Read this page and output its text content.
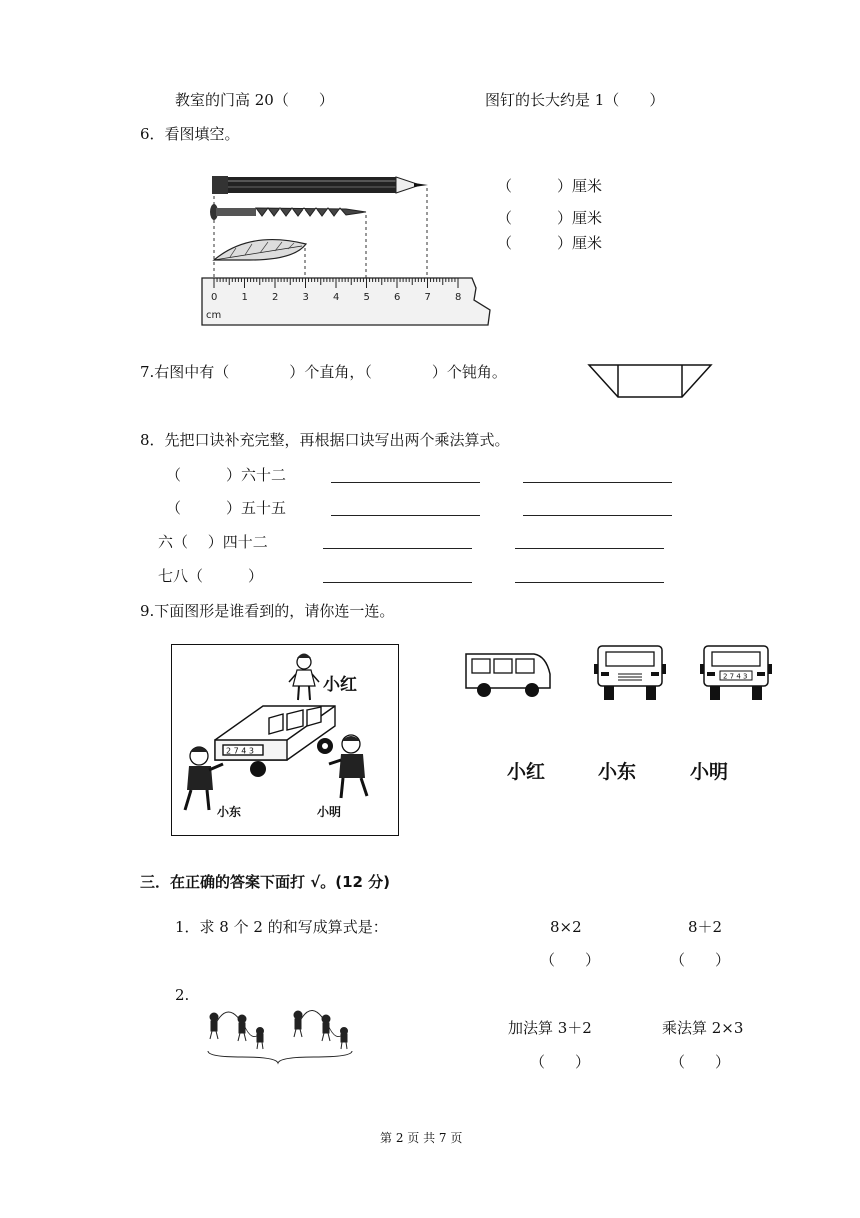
教室的门高 20（　　）	图钉的长大约是 1（　　）
6．看图填空。
0 1 2 3 4 5 6 7 8
cm
（　　　）厘米
（　　　）厘米
（　　　）厘米
7.右图中有（　　　　）个直角，（　　　　）个钝角。
8．先把口诀补充完整，再根据口诀写出两个乘法算式。
（　　　）六十二
（　　　）五十五
六（　 ）四十二
七八（　　　）
9.下面图形是谁看到的，请你连一连。
小红
2 7 4 3
小东	小明
2 7 4 3
小红	小东	小明
三．在正确的答案下面打 √。(12 分)
1．求 8 个 2 的和写成算式是：	8×2	8＋2
（　　）	（　　）
2.
加法算 3＋2	乘法算 2×3
（　　）	（　　）
第 2 页 共 7 页
